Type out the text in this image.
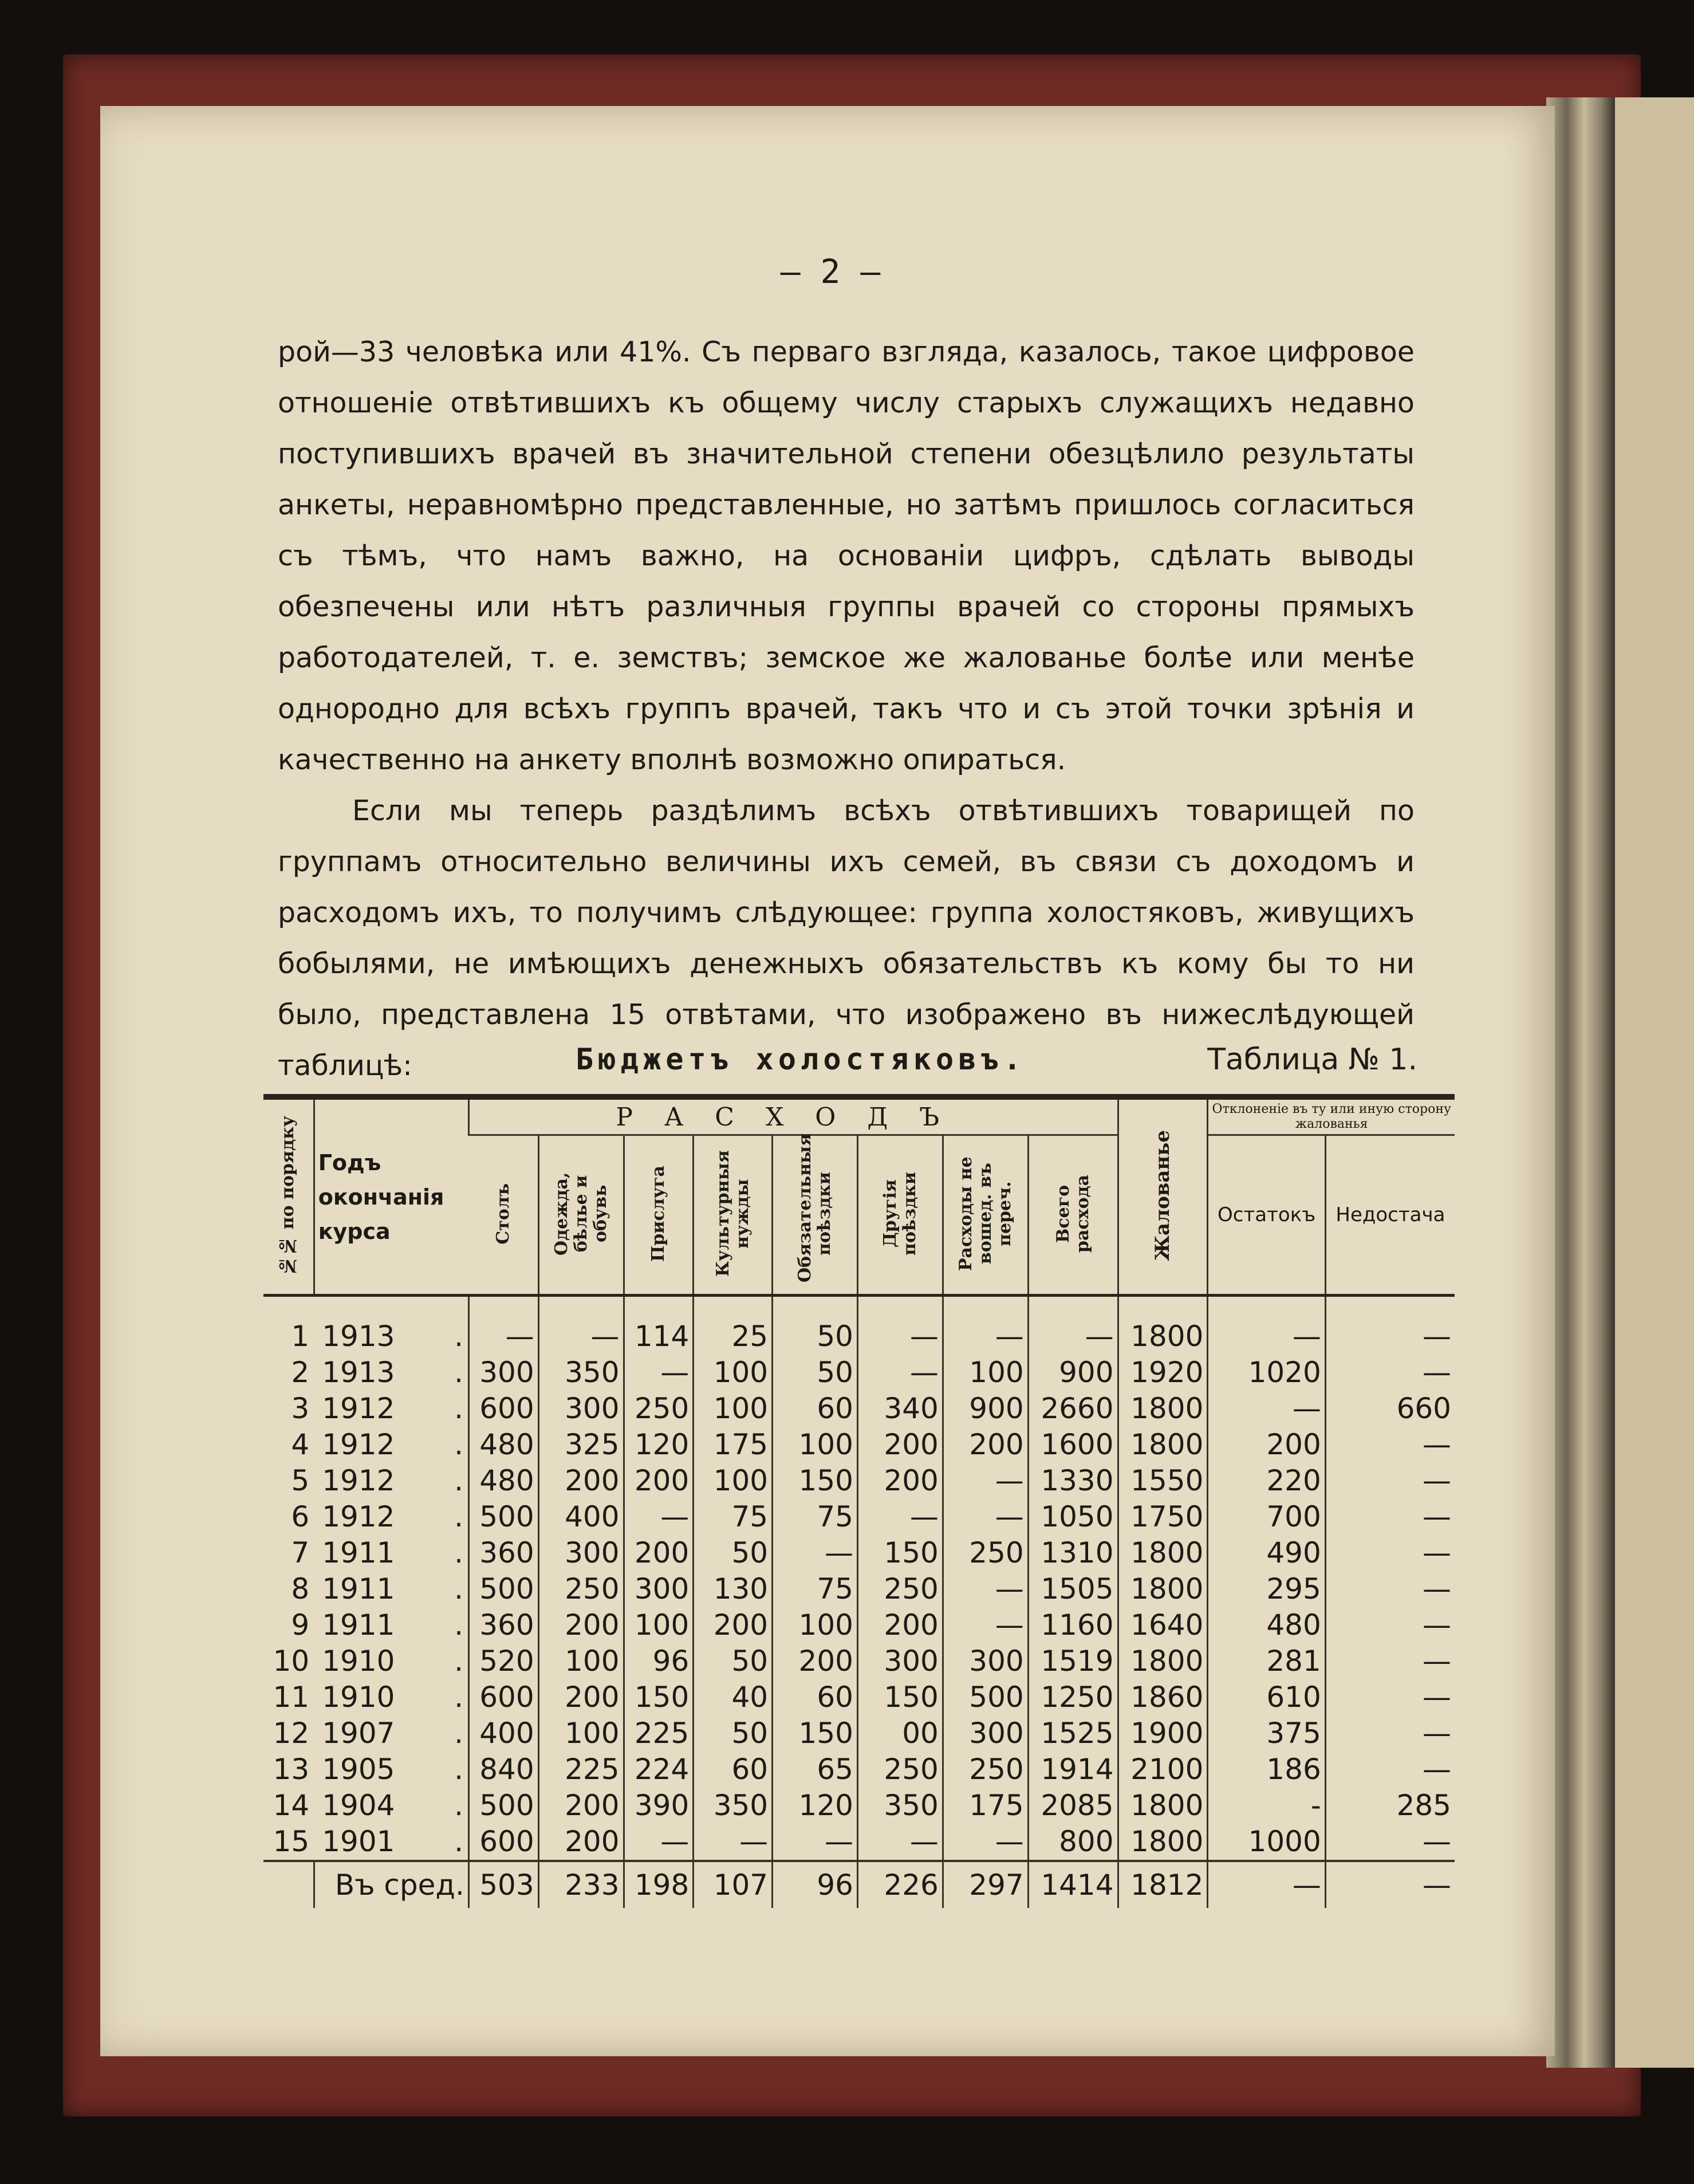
— 2 —

рой—33 человѣка или 41%. Съ перваго взгляда, казалось, такое цифровое отношеніе отвѣтившихъ къ общему числу старыхъ служащихъ недавно поступившихъ врачей въ значительной степени обезцѣлило результаты анкеты, неравномѣрно представленные, но затѣмъ пришлось согласиться съ тѣмъ, что намъ важно, на основаніи цифръ, сдѣлать выводы обезпечены или нѣтъ различныя группы врачей со стороны прямыхъ работодателей, т. е. земствъ; земское же жалованье болѣе или менѣе однородно для всѣхъ группъ врачей, такъ что и съ этой точки зрѣнія и качественно на анкету вполнѣ возможно опираться.

Если мы теперь раздѣлимъ всѣхъ отвѣтившихъ товарищей по группамъ относительно величины ихъ семей, въ связи съ доходомъ и расходомъ ихъ, то получимъ слѣдующее: группа холостяковъ, живущихъ бобылями, не имѣющихъ денежныхъ обязательствъ къ кому бы то ни было, представлена 15 отвѣтами, что изображено въ нижеслѣдующей таблицѣ:	Бюджетъ холостяковъ.	Таблица № 1.
№№ по порядку	Годъ окончанія курса		РАСХОДЪ								Жалованье	Отклоненіе въ ту или иную сторону жалованья	
			Столъ	Одежда, бѣлье и обувь	Прислуга	Культурныя нужды	Обязательныя поѣздки	Другія поѣздки	Расходы не вошед. въ переч.	Всего расхода		Остатокъ	Недостача
1	1913	.	—	—	114	25	50	—	—	—	1800	—	—
2	1913	.	300	350	—	100	50	—	100	900	1920	1020	—
3	1912	.	600	300	250	100	60	340	900	2660	1800	—	660
4	1912	.	480	325	120	175	100	200	200	1600	1800	200	—
5	1912	.	480	200	200	100	150	200	—	1330	1550	220	—
6	1912	.	500	400	—	75	75	—	—	1050	1750	700	—
7	1911	.	360	300	200	50	—	150	250	1310	1800	490	—
8	1911	.	500	250	300	130	75	250	—	1505	1800	295	—
9	1911	.	360	200	100	200	100	200	—	1160	1640	480	—
10	1910	.	520	100	96	50	200	300	300	1519	1800	281	—
11	1910	.	600	200	150	40	60	150	500	1250	1860	610	—
12	1907	.	400	100	225	50	150	00	300	1525	1900	375	—
13	1905	.	840	225	224	60	65	250	250	1914	2100	186	—
14	1904	.	500	200	390	350	120	350	175	2085	1800	-	285
15	1901	.	600	200	—	—	—	—	—	800	1800	1000	—
	Въ сред.		503	233	198	107	96	226	297	1414	1812	—	—
